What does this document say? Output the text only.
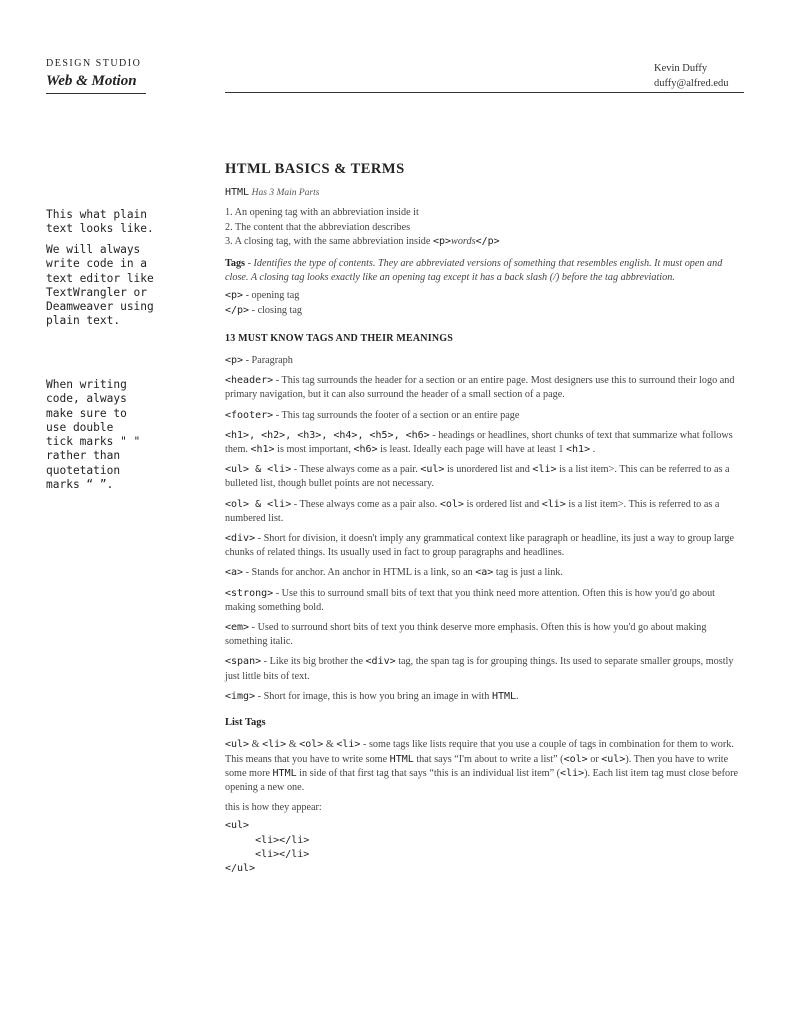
DESIGN STUDIO
Web & Motion
Kevin Duffy
duffy@alfred.edu
This what plain
text looks like.
We will always
write code in a
text editor like
TextWrangler or
Deamweaver using
plain text.
When writing
code, always
make sure to
use double
tick marks " "
rather than
quotetation
marks “ ”.
HTML BASICS & TERMS
HTML Has 3 Main Parts
1. An opening tag with an abbreviation inside it
2. The content that the abbreviation describes
3. A closing tag, with the same abbreviation inside <p>words</p>

Tags - Identifies the type of contents. They are abbreviated versions of something that resembles english. It must open and close. A closing tag looks exactly like an opening tag except it has a back slash (/) before the tag abbreviation.

<p> - opening tag
</p> - closing tag
13 MUST KNOW TAGS AND THEIR MEANINGS

<p> - Paragraph

<header> - This tag surrounds the header for a section or an entire page. Most designers use this to surround their logo and primary navigation, but it can also surround the header of a small section of a page.

<footer> - This tag surrounds the footer of a section or an entire page

<h1>, <h2>, <h3>, <h4>, <h5>, <h6> - headings or headlines, short chunks of text that summarize what follows them. <h1> is most important, <h6> is least. Ideally each page will have at least 1 <h1> .

<ul> & <li> - These always come as a pair. <ul> is unordered list and <li> is a list item>. This can be referred to as a bulleted list, though bullet points are not necessary.

<ol> & <li> - These always come as a pair also. <ol> is ordered list and <li> is a list item>. This is referred to as a numbered list.

<div> - Short for division, it doesn't imply any grammatical context like paragraph or headline, its just a way to group large chunks of related things. Its usually used in fact to group paragraphs and headlines.

<a> - Stands for anchor. An anchor in HTML is a link, so an <a> tag is just a link.

<strong> - Use this to surround small bits of text that you think need more attention. Often this is how you'd go about making something bold.

<em> - Used to surround short bits of text you think deserve more emphasis. Often this is how you'd go about making something italic.

<span> - Like its big brother the <div> tag, the span tag is for grouping things. Its used to separate smaller groups, mostly just little bits of text.

<img> - Short for image, this is how you bring an image in with HTML.

List Tags

<ul> & <li> & <ol> & <li> - some tags like lists require that you use a couple of tags in combination for them to work. This means that you have to write some HTML that says “I'm about to write a list” (<ol> or <ul>). Then you have to write some more HTML in side of that first tag that says “this is an individual list item” (<li>). Each list item tag must close before opening a new one.

this is how they appear:

<ul>
<li></li>
<li></li>
</ul>
